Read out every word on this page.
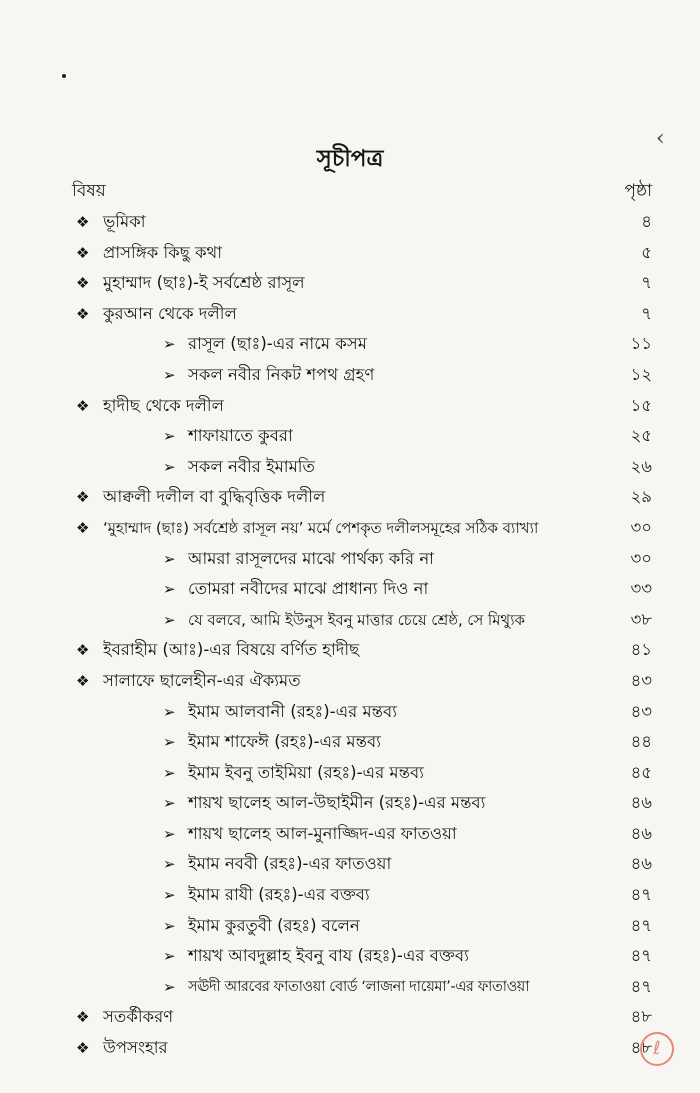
‹
সূচীপত্র
বিষয়	পৃষ্ঠা
❖ ভূমিকা	৪
❖ প্রাসঙ্গিক কিছু কথা	৫
❖ মুহাম্মাদ (ছাঃ)-ই সর্বশ্রেষ্ঠ রাসূল	৭
❖ কুরআন থেকে দলীল	৭
➢ রাসূল (ছাঃ)-এর নামে কসম	১১
➢ সকল নবীর নিকট শপথ গ্রহণ	১২
❖ হাদীছ থেকে দলীল	১৫
➢ শাফায়াতে কুবরা	২৫
➢ সকল নবীর ইমামতি	২৬
❖ আক্বলী দলীল বা বুদ্ধিবৃত্তিক দলীল	২৯
❖ ‘মুহাম্মাদ (ছাঃ) সর্বশ্রেষ্ঠ রাসূল নয়’ মর্মে পেশকৃত দলীলসমূহের সঠিক ব্যাখ্যা	৩০
➢ আমরা রাসূলদের মাঝে পার্থক্য করি না	৩০
➢ তোমরা নবীদের মাঝে প্রাধান্য দিও না	৩৩
➢ যে বলবে, আমি ইউনুস ইবনু মাত্তার চেয়ে শ্রেষ্ঠ, সে মিথ্যুক	৩৮
❖ ইবরাহীম (আঃ)-এর বিষয়ে বর্ণিত হাদীছ	৪১
❖ সালাফে ছালেহীন-এর ঐক্যমত	৪৩
➢ ইমাম আলবানী (রহঃ)-এর মন্তব্য	৪৩
➢ ইমাম শাফেঈ (রহঃ)-এর মন্তব্য	৪৪
➢ ইমাম ইবনু তাইমিয়া (রহঃ)-এর মন্তব্য	৪৫
➢ শায়খ ছালেহ আল-উছাইমীন (রহঃ)-এর মন্তব্য	৪৬
➢ শায়খ ছালেহ আল-মুনাজ্জিদ-এর ফাতওয়া	৪৬
➢ ইমাম নববী (রহঃ)-এর ফাতওয়া	৪৬
➢ ইমাম রাযী (রহঃ)-এর বক্তব্য	৪৭
➢ ইমাম কুরতুবী (রহঃ) বলেন	৪৭
➢ শায়খ আবদুল্লাহ ইবনু বায (রহঃ)-এর বক্তব্য	৪৭
➢ সঊদী আরবের ফাতাওয়া বোর্ড ‘লাজনা দায়েমা’-এর ফাতাওয়া	৪৭
❖ সতর্কীকরণ	৪৮
❖ উপসংহার	৪৮ ℓ
